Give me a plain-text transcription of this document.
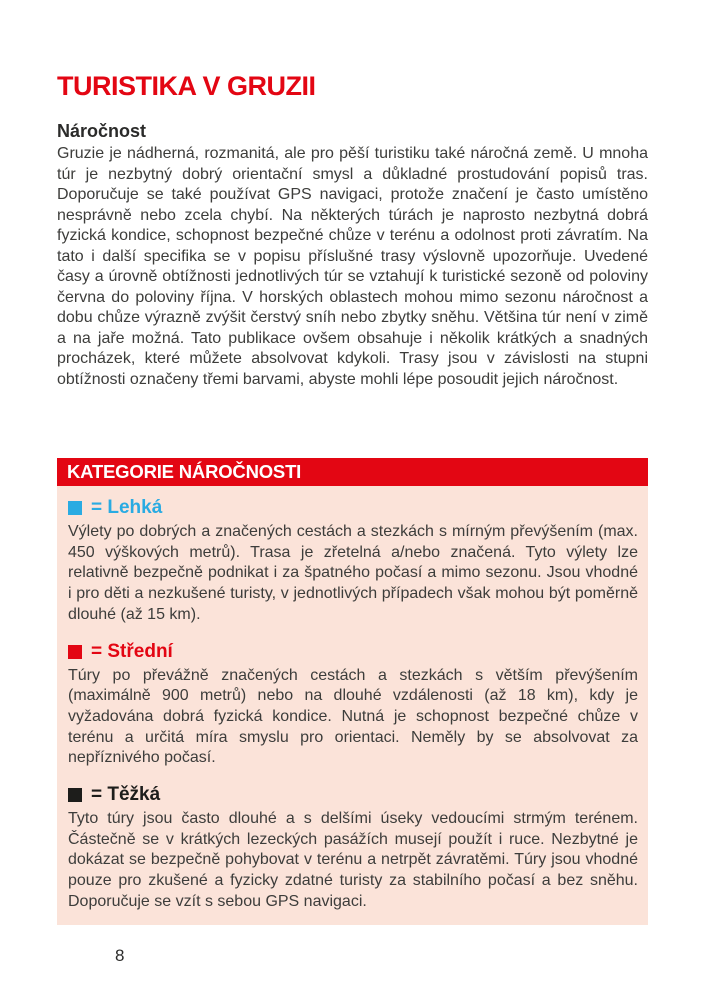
TURISTIKA V GRUZII
Náročnost

Gruzie je nádherná, rozmanitá, ale pro pěší turistiku také náročná země. U mnoha túr je nezbytný dobrý orientační smysl a důkladné prostudování popisů tras. Doporučuje se také používat GPS navigaci, protože značení je často umístěno nesprávně nebo zcela chybí. Na některých túrách je naprosto nezbytná dobrá fyzická kondice, schopnost bezpečné chůze v terénu a odolnost proti závratím. Na tato i další specifika se v popisu příslušné trasy výslovně upozorňuje. Uvedené časy a úrovně obtížnosti jednotlivých túr se vztahují k turistické sezoně od poloviny června do poloviny října. V horských oblastech mohou mimo sezonu náročnost a dobu chůze výrazně zvýšit čerstvý sníh nebo zbytky sněhu. Většina túr není v zimě a na jaře možná. Tato publikace ovšem obsahuje i několik krátkých a snadných procházek, které můžete absolvovat kdykoli. Trasy jsou v závislosti na stupni obtížnosti označeny třemi barvami, abyste mohli lépe posoudit jejich náročnost.

KATEGORIE NÁROČNOSTI
= Lehká

Výlety po dobrých a značených cestách a stezkách s mírným převýšením (max. 450 výškových metrů). Trasa je zřetelná a/nebo značená. Tyto výlety lze relativně bezpečně podnikat i za špatného počasí a mimo sezonu. Jsou vhodné i pro děti a nezkušené turisty, v jednotlivých případech však mohou být poměrně dlouhé (až 15 km).

= Střední

Túry po převážně značených cestách a stezkách s větším převýšením (maximálně 900 metrů) nebo na dlouhé vzdálenosti (až 18 km), kdy je vyžadována dobrá fyzická kondice. Nutná je schopnost bezpečné chůze v terénu a určitá míra smyslu pro orientaci. Neměly by se absolvovat za nepříznivého počasí.

= Těžká

Tyto túry jsou často dlouhé a s delšími úseky vedoucími strmým terénem. Částečně se v krátkých lezeckých pasážích musejí použít i ruce. Nezbytné je dokázat se bezpečně pohybovat v terénu a netrpět závratěmi. Túry jsou vhodné pouze pro zkušené a fyzicky zdatné turisty za stabilního počasí a bez sněhu. Doporučuje se vzít s sebou GPS navigaci.

8
